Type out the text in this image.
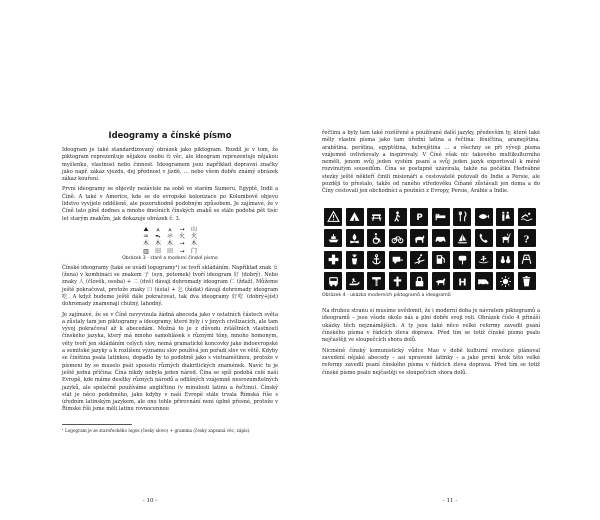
Ideogramy a čínské písmo

Ideogram je také standardizovaný obrázek jako piktogram. Rozdíl je v tom, že piktogram reprezentuje nějakou osobu či věc, ale ideogram reprezentuje nějakou myšlenku, vlastnost nebo činnost. Ideogramem jsou například dopravní značky jako např. zákaz vjezdu, dej přednost v jízdě, … nebo všem dobře známý obrázek zákaz kouření.

První ideogramy se objevily nezávisle na sobě ve starém Sumeru, Egyptě, Indii a Číně. A také v Americe, kde se do evropské kolonizace po Kolumbově objevu lidstvo vyvíjelo odděleně, ale pozoruhodně podobným způsobem. Je zajímavé, že v Číně tato plně dodnes a mnoho dnešních čínských znaků se stále podobá pět tisíc let starým znakům, jak dokazuje obrázek č. 3.

⛰	⩓	⩓	→	山
♒	⥱	氺	⽕	火
⽊	⽊	⽊	→	木
▥	⽥	⽥	→	门
Obrázek 3 - staré a moderní čínské písmo

Čínské ideogramy (také se uvádí logogramy¹) se tvoří skládáním. Například znak 女 (žena) v kombinaci se znakem 子 (syn, potomek) tvoří ideogram 好 (dobrý). Nebo znaky 人 (člověk, osoba) + 二 (dvě) dávají dohromady ideogram 仁 (ždaž). Můžeme ještě pokračovat, protože znaky 口 (ústa) + 乞 (žádat) dávají dohromady ideogram 吃. A když budeme ještě dále pokračovat, tak dva ideogramy 好吃 (dobrý+jíst) dohromady znamenají chutný, lahodný.

Je zajímavé, že se v Číně nevyvinula žádná abeceda jako v ostatních částech světa a zůstaly tam jen piktogramy a ideogramy, které byly i v jiných civilizacích, ale tam vývoj pokračoval až k abecedám. Možná to je z důvodu zvláštních vlastností čínského jazyka, který má mnoho samohlásek s různými tóny, mnoho homonym, věty tvoří jen skládáním celých slov, nemá gramatické koncovky jako indoevropské a semitské jazyky a k rozlišení významu slov používá jen pořadí slov ve větě. Kdyby se čínština psala latinkou, dopadlo by to podobně jako s vietnamštinou, protože v písmeni by se muselo psát spoustu různých diakritických znamének. Navíc tu je ještě jedna příčina: Čína nikdy nebyla jeden národ. Čína se spíš podobá celé naší Evropě, kde máme desítky různých národů a odlišných vzájemně nesrozumitelných jazyků, ale společně používáme angličtinu (v minulosti latinu a řečtinu). Čínský stát je něco podobného, jako kdyby v naší Evropě stále trvala Římská říše s úředním latinským jazykem, ale ono tohle přirovnání není úplně přesné, protože v Římské říši jsme měli latinu rovnocennou

¹ Logogram je ze starořeckého logos (česky slovo) + gramma (česky zapsaná věc, zápis).
- 10 -

řečtinu a byly tam také rozšířené a používané další jazyky, především ty, které také měly vlastní písma jako tam úřední latina a řečtina: féničtina, aramejština, arabština, perština, egyptština, hebrejština … a všechny se při vývoji písma vzájemně ovlivňovaly a inspirovaly. V Číně však nic takového multikulturního neměli, jenom svůj jeden systém psaní a svůj jeden jazyk exportovali k méně rozvinutým sousedům. Čína se postupně uzavírala, takže na počátku Hedvábné stezky ještě někteří činili misionáři a cestovatelé putovali do Indie a Persie, ale později to přestalo, takže od raného středověku Číňané zůstávali jen doma a do Číny cestovali jen obchodníci a poutníci z Evropy, Persie, Arábie a Indie.

P
?
H
Obrázek 4 - ukázka moderních piktogramů a ideogramů

Na druhou stranu si musíme uvědomit, že i moderní doba je návratem piktogramů a ideogramů – jsou všude okolo nás a plní dobře svoji roli. Obrázek číslo 4 přináší ukázky těch nejznámějších. A ty jsou také něco velké reformy zavedli psaní čínského písma v řádcích zleva doprava. Před tím se totiž čínské písmo psalo nejčastěji ve sloupečcích shora dolů.

Nicméně čínský komunistický vůdce Mao v době kulturní revoluce plánoval zavedení nějaké abecedy – asi upravené latinky – a jako první krok této velké reformy zavedli psaní čínského písma v řádcích zleva doprava. Před tím se totiž čínské písmo psalo nejčastěji ve sloupečcích shora dolů.

- 11 -
